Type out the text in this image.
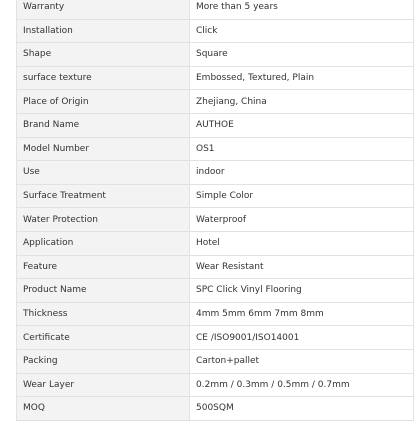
Warranty	More than 5 years
Installation	Click
Shape	Square
surface texture	Embossed, Textured, Plain
Place of Origin	Zhejiang, China
Brand Name	AUTHOE
Model Number	OS1
Use	indoor
Surface Treatment	Simple Color
Water Protection	Waterproof
Application	Hotel
Feature	Wear Resistant
Product Name	SPC Click Vinyl Flooring
Thickness	4mm 5mm 6mm 7mm 8mm
Certificate	CE /ISO9001/ISO14001
Packing	Carton+pallet
Wear Layer	0.2mm / 0.3mm / 0.5mm / 0.7mm
MOQ	500SQM
